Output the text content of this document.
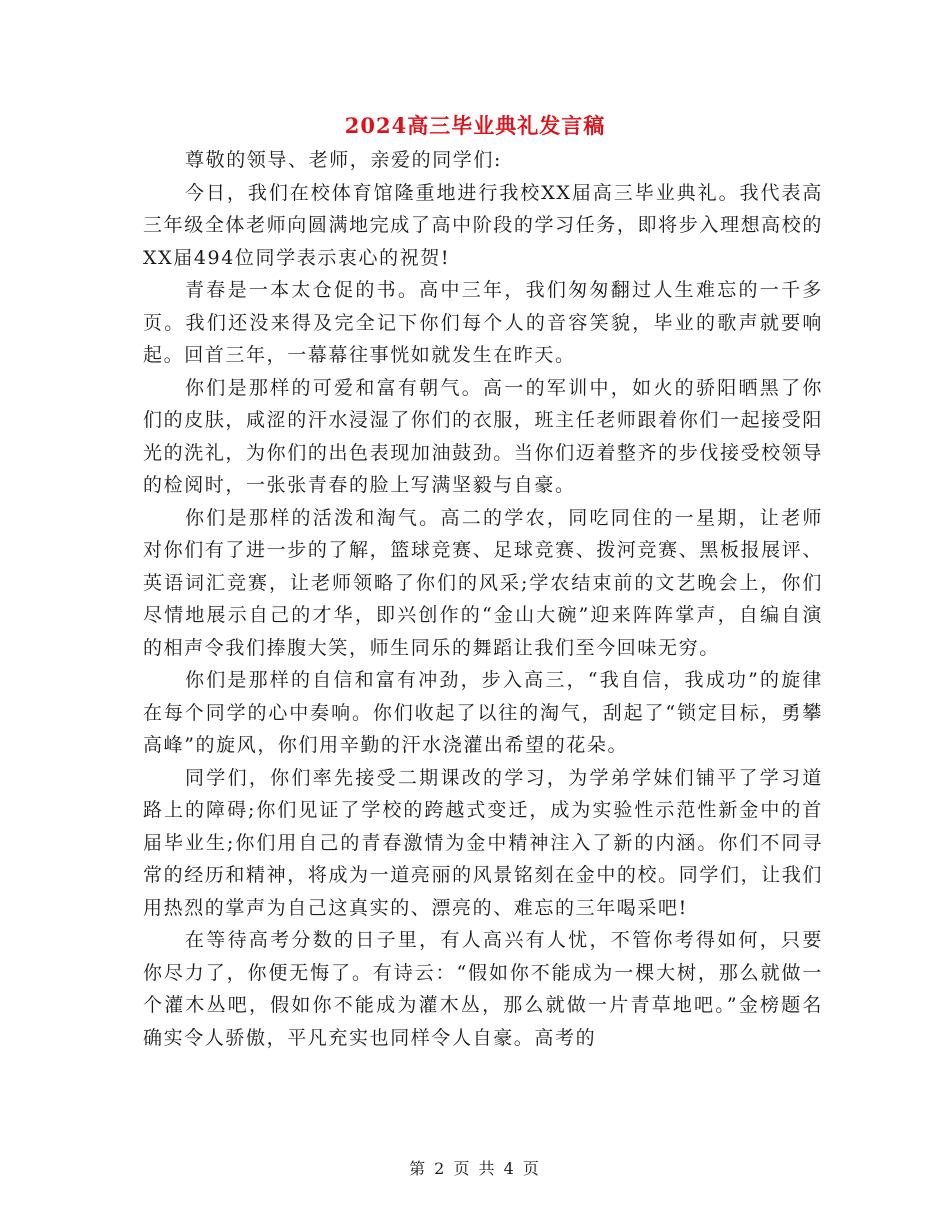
2024高三毕业典礼发言稿

尊敬的领导、老师，亲爱的同学们:

今日，我们在校体育馆隆重地进行我校XX届高三毕业典礼。我代表高三年级全体老师向圆满地完成了高中阶段的学习任务，即将步入理想高校的XX届494位同学表示衷心的祝贺!

青春是一本太仓促的书。高中三年，我们匆匆翻过人生难忘的一千多页。我们还没来得及完全记下你们每个人的音容笑貌，毕业的歌声就要响起。回首三年，一幕幕往事恍如就发生在昨天。

你们是那样的可爱和富有朝气。高一的军训中，如火的骄阳晒黑了你们的皮肤，咸涩的汗水浸湿了你们的衣服，班主任老师跟着你们一起接受阳光的洗礼，为你们的出色表现加油鼓劲。当你们迈着整齐的步伐接受校领导的检阅时，一张张青春的脸上写满坚毅与自豪。

你们是那样的活泼和淘气。高二的学农，同吃同住的一星期，让老师对你们有了进一步的了解，篮球竞赛、足球竞赛、拨河竞赛、黑板报展评、英语词汇竞赛，让老师领略了你们的风采;学农结束前的文艺晚会上，你们尽情地展示自己的才华，即兴创作的“金山大碗”迎来阵阵掌声，自编自演的相声令我们捧腹大笑，师生同乐的舞蹈让我们至今回味无穷。

你们是那样的自信和富有冲劲，步入高三，“我自信，我成功”的旋律在每个同学的心中奏响。你们收起了以往的淘气，刮起了“锁定目标，勇攀高峰”的旋风，你们用辛勤的汗水浇灌出希望的花朵。

同学们，你们率先接受二期课改的学习，为学弟学妹们铺平了学习道路上的障碍;你们见证了学校的跨越式变迁，成为实验性示范性新金中的首届毕业生;你们用自己的青春激情为金中精神注入了新的内涵。你们不同寻常的经历和精神，将成为一道亮丽的风景铭刻在金中的校。同学们，让我们用热烈的掌声为自己这真实的、漂亮的、难忘的三年喝采吧!

在等待高考分数的日子里，有人高兴有人忧，不管你考得如何，只要你尽力了，你便无悔了。有诗云：“假如你不能成为一棵大树，那么就做一个灌木丛吧，假如你不能成为灌木丛，那么就做一片青草地吧。”金榜题名确实令人骄傲，平凡充实也同样令人自豪。高考的

第 2 页 共 4 页
